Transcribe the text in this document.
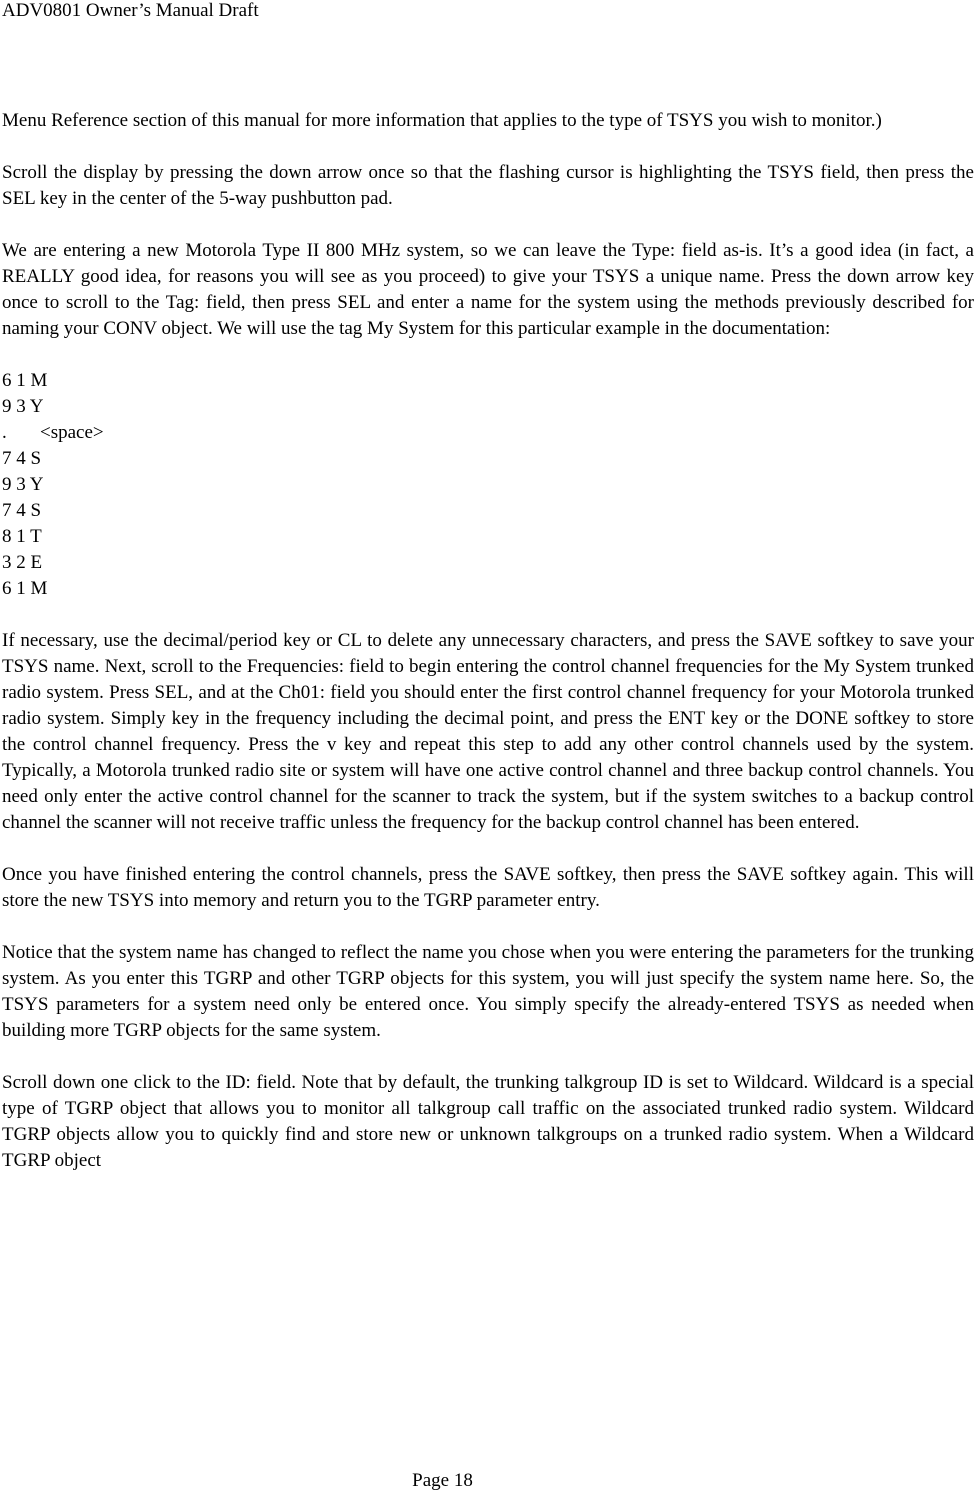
ADV0801 Owner’s Manual Draft

Menu Reference section of this manual for more information that applies to the type of TSYS you wish to monitor.)

Scroll the display by pressing the down arrow once so that the flashing cursor is highlighting the TSYS field, then press the SEL key in the center of the 5-way pushbutton pad.

We are entering a new Motorola Type II 800 MHz system, so we can leave the Type: field as-is. It’s a good idea (in fact, a REALLY good idea, for reasons you will see as you proceed) to give your TSYS a unique name. Press the down arrow key once to scroll to the Tag: field, then press SEL and enter a name for the system using the methods previously described for naming your CONV object. We will use the tag My System for this particular example in the documentation:

6 1 M
9 3 Y
.       <space>
7 4 S
9 3 Y
7 4 S
8 1 T
3 2 E
6 1 M

If necessary, use the decimal/period key or CL to delete any unnecessary characters, and press the SAVE softkey to save your TSYS name. Next, scroll to the Frequencies: field to begin entering the control channel frequencies for the My System trunked radio system. Press SEL, and at the Ch01: field you should enter the first control channel frequency for your Motorola trunked radio system. Simply key in the frequency including the decimal point, and press the ENT key or the DONE softkey to store the control channel frequency. Press the v key and repeat this step to add any other control channels used by the system. Typically, a Motorola trunked radio site or system will have one active control channel and three backup control channels. You need only enter the active control channel for the scanner to track the system, but if the system switches to a backup control channel the scanner will not receive traffic unless the frequency for the backup control channel has been entered.

Once you have finished entering the control channels, press the SAVE softkey, then press the SAVE softkey again. This will store the new TSYS into memory and return you to the TGRP parameter entry.

Notice that the system name has changed to reflect the name you chose when you were entering the parameters for the trunking system. As you enter this TGRP and other TGRP objects for this system, you will just specify the system name here. So, the TSYS parameters for a system need only be entered once. You simply specify the already-entered TSYS as needed when building more TGRP objects for the same system.

Scroll down one click to the ID: field. Note that by default, the trunking talkgroup ID is set to Wildcard. Wildcard is a special type of TGRP object that allows you to monitor all talkgroup call traffic on the associated trunked radio system. Wildcard TGRP objects allow you to quickly find and store new or unknown talkgroups on a trunked radio system. When a Wildcard TGRP object

Page 18
